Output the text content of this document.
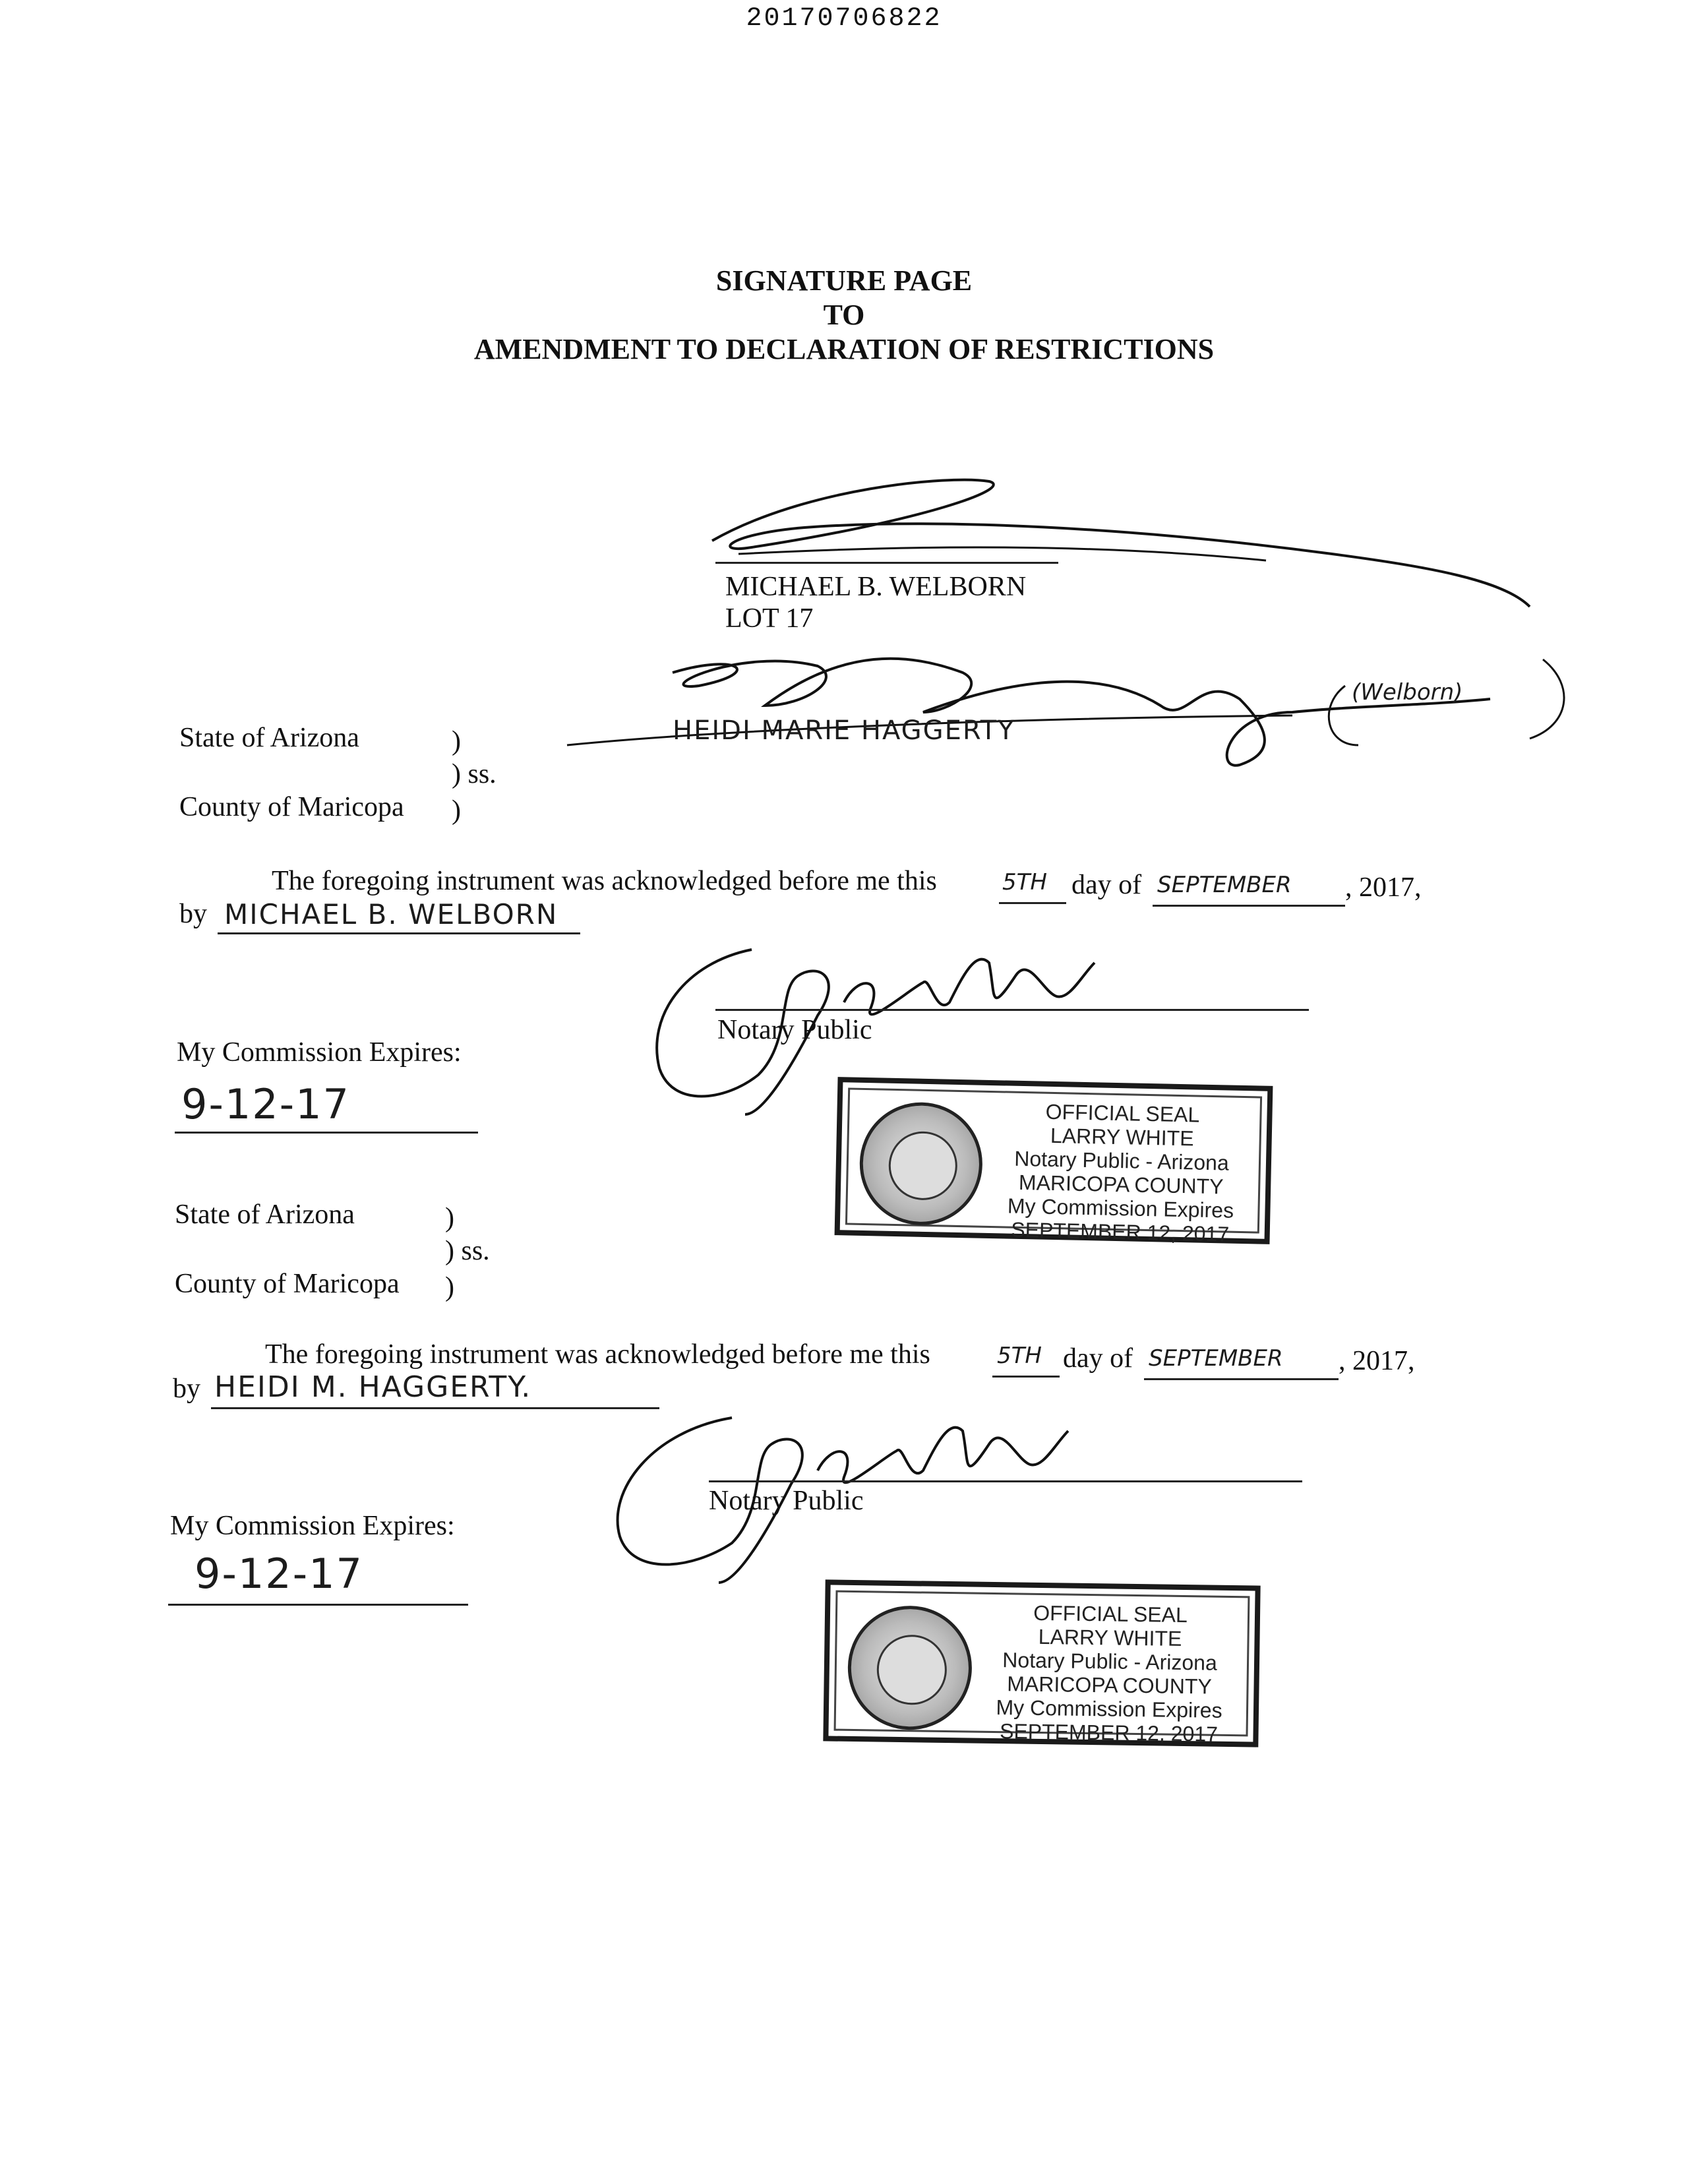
20170706822
SIGNATURE PAGE
TO
AMENDMENT TO DECLARATION OF RESTRICTIONS
MICHAEL B. WELBORN
LOT 17
(Welborn)
HEIDI MARIE HAGGERTY
State of Arizona	)
) ss.
County of Maricopa )
The foregoing instrument was acknowledged before me this	5TH day of SEPTEMBER , 2017,
by MICHAEL B. WELBORN
Notary Public
My Commission Expires:
9-12-17	OFFICIAL SEAL
LARRY WHITE
Notary Public - Arizona
MARICOPA COUNTY
My Commission Expires
SEPTEMBER 12, 2017
State of Arizona	)
) ss.
County of Maricopa )
The foregoing instrument was acknowledged before me this	5TH day of SEPTEMBER , 2017,
by HEIDI M. HAGGERTY.
Notary Public
My Commission Expires:
9-12-17
OFFICIAL SEAL
LARRY WHITE
Notary Public - Arizona
MARICOPA COUNTY
My Commission Expires
SEPTEMBER 12, 2017
